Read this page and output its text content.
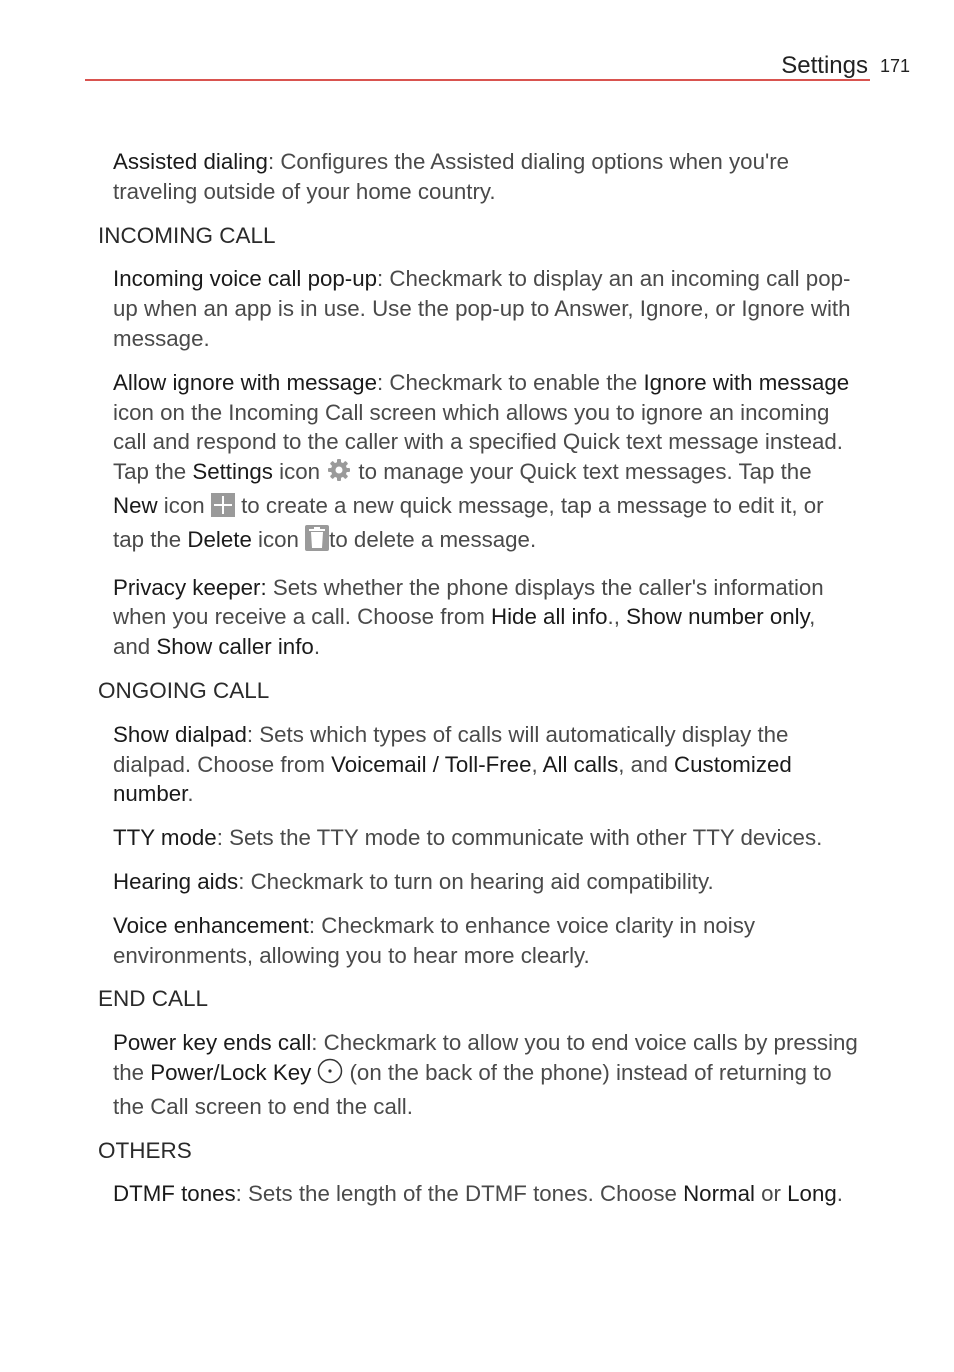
Settings 171

Assisted dialing: Configures the Assisted dialing options when you're traveling outside of your home country.

INCOMING CALL

Incoming voice call pop-up: Checkmark to display an an incoming call pop-up when an app is in use. Use the pop-up to Answer, Ignore, or Ignore with message.

Allow ignore with message: Checkmark to enable the Ignore with message icon on the Incoming Call screen which allows you to ignore an incoming call and respond to the caller with a specified Quick text message instead. Tap the Settings icon  to manage your Quick text messages. Tap the New icon  to create a new quick message, tap a message to edit it, or tap the Delete icon to delete a message.

Privacy keeper: Sets whether the phone displays the caller's information when you receive a call. Choose from Hide all info., Show number only, and Show caller info.

ONGOING CALL

Show dialpad: Sets which types of calls will automatically display the dialpad. Choose from Voicemail / Toll-Free, All calls, and Customized number.

TTY mode: Sets the TTY mode to communicate with other TTY devices.

Hearing aids: Checkmark to turn on hearing aid compatibility.

Voice enhancement: Checkmark to enhance voice clarity in noisy environments, allowing you to hear more clearly.

END CALL

Power key ends call: Checkmark to allow you to end voice calls by pressing the Power/Lock Key (on the back of the phone) instead of returning to the Call screen to end the call.

OTHERS

DTMF tones: Sets the length of the DTMF tones. Choose Normal or Long.
